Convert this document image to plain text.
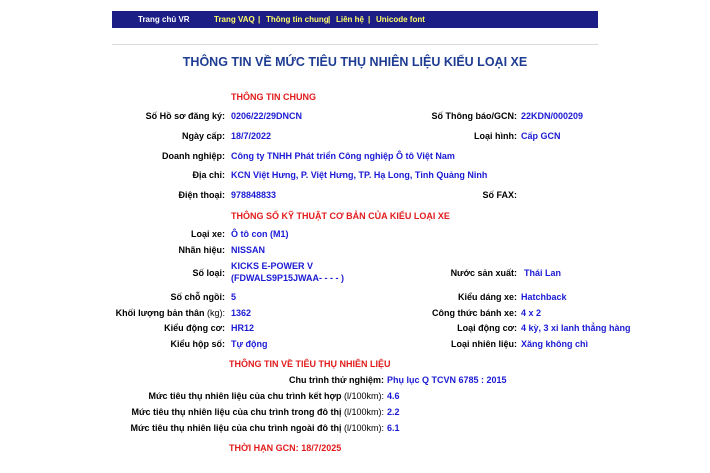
Trang chủ VR	Trang VAQ | Thông tin chung | Liên hệ | Unicode font
THÔNG TIN VỀ MỨC TIÊU THỤ NHIÊN LIỆU KIỂU LOẠI XE
THÔNG TIN CHUNG
Số Hồ sơ đăng ký: 0206/22/29DNCN	Số Thông báo/GCN: 22KDN/000209
Ngày cấp: 18/7/2022	Loại hình: Cấp GCN
Doanh nghiệp: Công ty TNHH Phát triển Công nghiệp Ô tô Việt Nam
Địa chỉ: KCN Việt Hưng, P. Việt Hưng, TP. Hạ Long, Tỉnh Quảng Ninh
Điện thoại: 978848833	Số FAX:
THÔNG SỐ KỸ THUẬT CƠ BẢN CỦA KIỂU LOẠI XE
Loại xe: Ô tô con (M1)
Nhãn hiệu: NISSAN
Số loại:
KICKS E-POWER V
(FDWALS9P15JWAA- - - - )	Nước sản xuất: Thái Lan
Số chỗ ngồi: 5	Kiểu dáng xe: Hatchback
Khối lượng bản thân (kg): 1362	Công thức bánh xe: 4 x 2
Kiểu động cơ: HR12	Loại động cơ: 4 kỳ, 3 xi lanh thẳng hàng
Kiểu hộp số: Tự động	Loại nhiên liệu: Xăng không chì
THÔNG TIN VỀ TIÊU THỤ NHIÊN LIỆU
Chu trình thử nghiệm: Phụ lục Q TCVN 6785 : 2015
Mức tiêu thụ nhiên liệu của chu trình kết hợp (l/100km): 4.6
Mức tiêu thụ nhiên liệu của chu trình trong đô thị (l/100km): 2.2
Mức tiêu thụ nhiên liệu của chu trình ngoài đô thị (l/100km): 6.1
THỜI HẠN GCN: 18/7/2025
